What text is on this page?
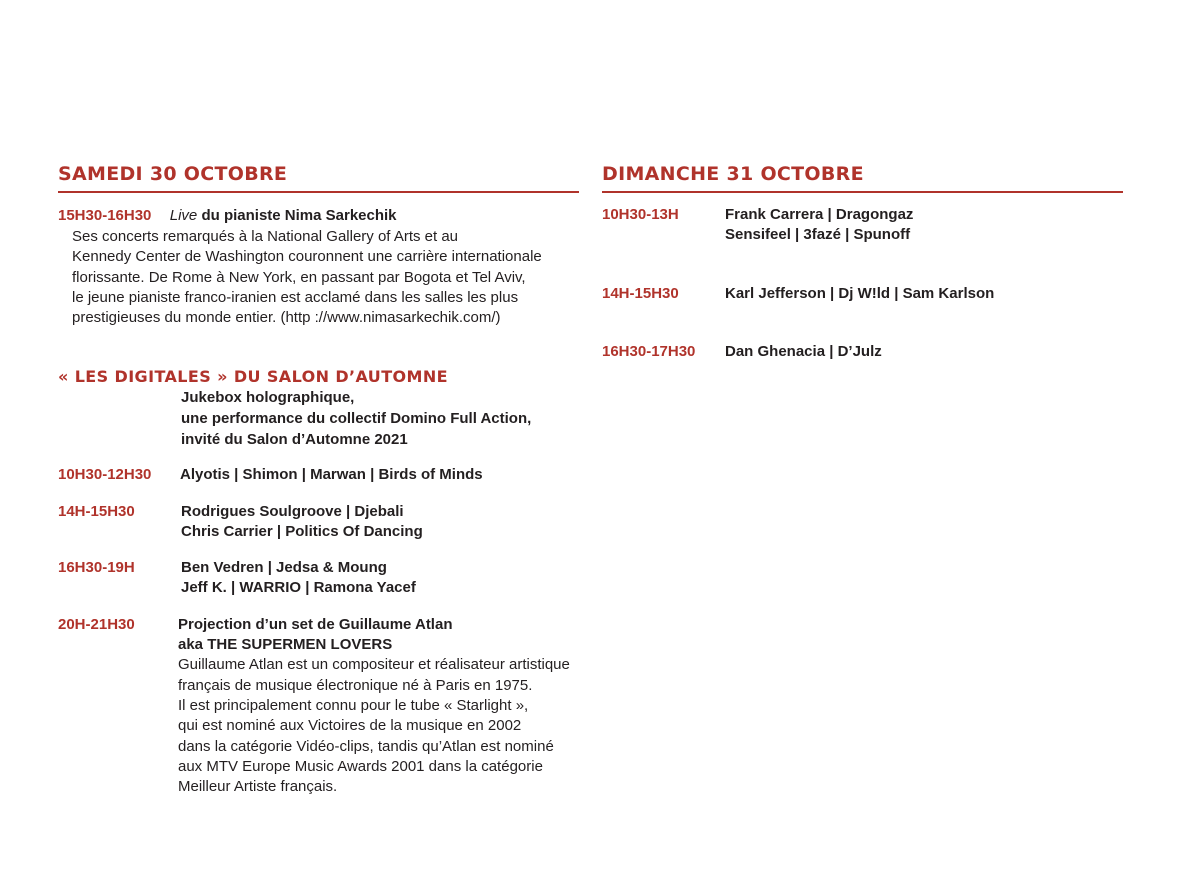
SAMEDI 30 OCTOBRE
15H30-16H30 Live du pianiste Nima Sarkechik
Ses concerts remarqués à la National Gallery of Arts et au
Kennedy Center de Washington couronnent une carrière internationale
florissante. De Rome à New York, en passant par Bogota et Tel Aviv,
le jeune pianiste franco-iranien est acclamé dans les salles les plus
prestigieuses du monde entier. (http ://www.nimasarkechik.com/)
« LES DIGITALES » DU SALON D’AUTOMNE
Jukebox holographique,
une performance du collectif Domino Full Action,
invité du Salon d’Automne 2021
10H30-12H30 Alyotis | Shimon | Marwan | Birds of Minds
14H-15H30	Rodrigues Soulgroove | Djebali
Chris Carrier | Politics Of Dancing
16H30-19H	Ben Vedren | Jedsa & Moung
Jeff K. | WARRIO | Ramona Yacef
20H-21H30	Projection d’un set de Guillaume Atlan
aka THE SUPERMEN LOVERS
Guillaume Atlan est un compositeur et réalisateur artistique
français de musique électronique né à Paris en 1975.
Il est principalement connu pour le tube « Starlight »,
qui est nominé aux Victoires de la musique en 2002
dans la catégorie Vidéo-clips, tandis qu’Atlan est nominé
aux MTV Europe Music Awards 2001 dans la catégorie
Meilleur Artiste français.
DIMANCHE 31 OCTOBRE
10H30-13H	Frank Carrera | Dragongaz
Sensifeel | 3fazé | Spunoff
14H-15H30	Karl Jefferson | Dj W!ld | Sam Karlson
16H30-17H30 Dan Ghenacia | D’Julz
